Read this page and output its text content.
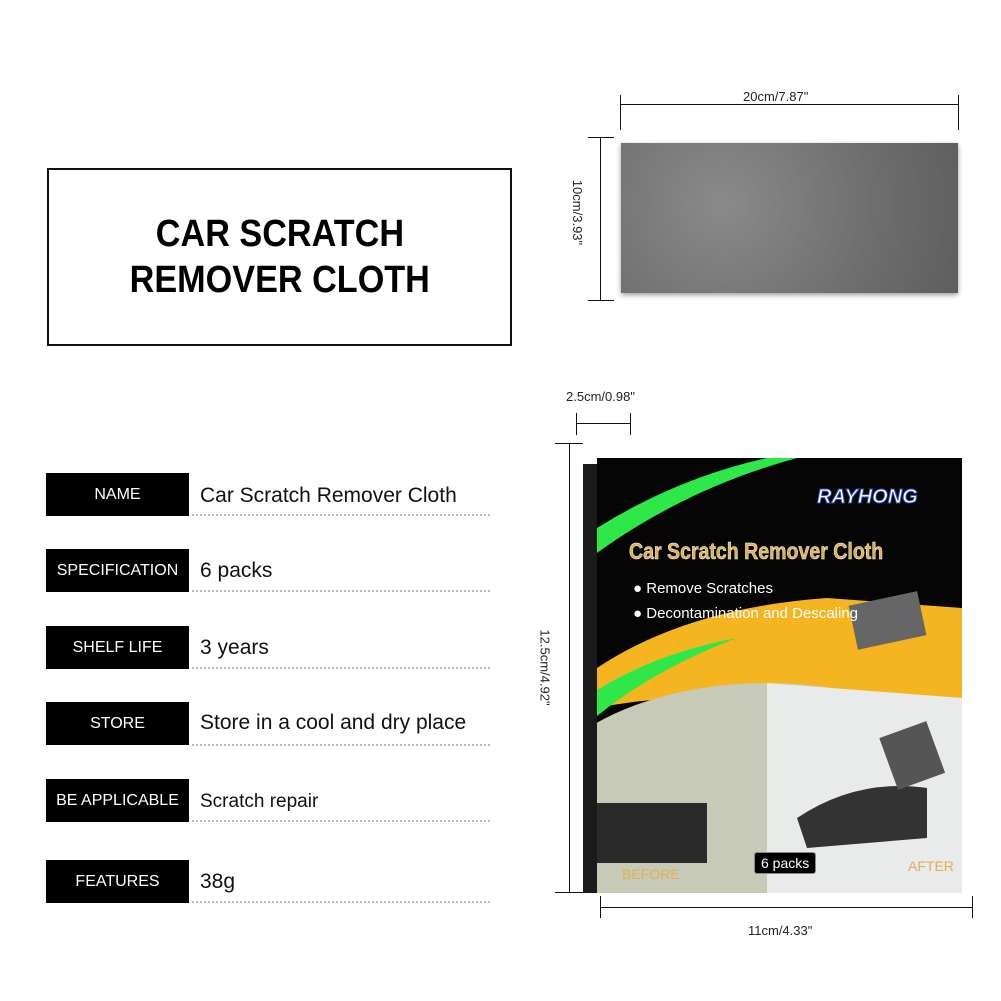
CAR SCRATCH
REMOVER CLOTH
20cm/7.87"
10cm/3.93"
NAME	Car Scratch Remover Cloth
SPECIFICATION	6 packs
SHELF LIFE	3 years
STORE	Store in a cool and dry place
BE APPLICABLE	Scratch repair
FEATURES	38g
2.5cm/0.98"
12.5cm/4.92"
11cm/4.33"
RAYHONG
Car Scratch Remover Cloth
● Remove Scratches
● Decontamination and Descaling
6 packs
BEFORE	AFTER
